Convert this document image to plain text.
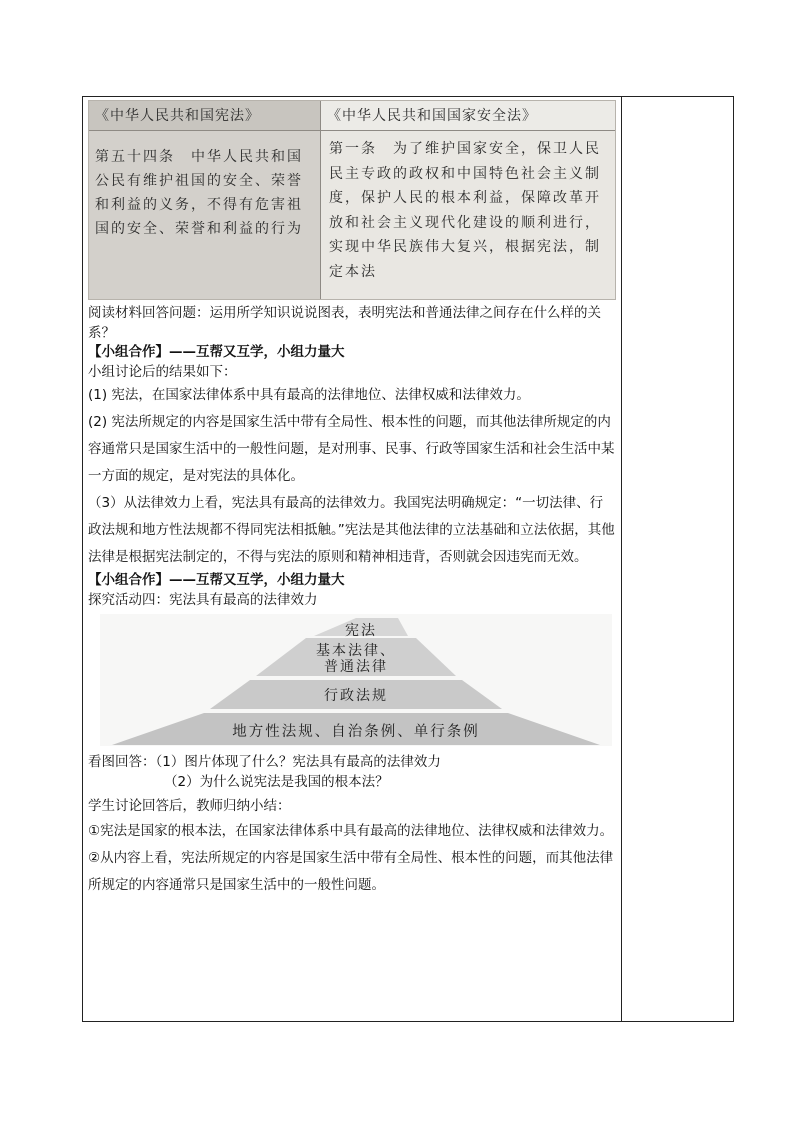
《中华人民共和国宪法》	《中华人民共和国国家安全法》
第五十四条　中华人民共和国公民有维护祖国的安全、荣誉和利益的义务，不得有危害祖国的安全、荣誉和利益的行为
第一条　为了维护国家安全，保卫人民民主专政的政权和中国特色社会主义制度，保护人民的根本利益，保障改革开放和社会主义现代化建设的顺利进行，实现中华民族伟大复兴，根据宪法，制定本法

阅读材料回答问题：运用所学知识说说图表，表明宪法和普通法律之间存在什么样的关系？

【小组合作】——互帮又互学，小组力量大

小组讨论后的结果如下：

(1) 宪法，在国家法律体系中具有最高的法律地位、法律权威和法律效力。

(2) 宪法所规定的内容是国家生活中带有全局性、根本性的问题，而其他法律所规定的内容通常只是国家生活中的一般性问题，是对刑事、民事、行政等国家生活和社会生活中某一方面的规定，是对宪法的具体化。

（3）从法律效力上看，宪法具有最高的法律效力。我国宪法明确规定：“一切法律、行政法规和地方性法规都不得同宪法相抵触。”宪法是其他法律的立法基础和立法依据，其他法律是根据宪法制定的，不得与宪法的原则和精神相违背，否则就会因违宪而无效。

【小组合作】——互帮又互学，小组力量大

探究活动四：宪法具有最高的法律效力

宪法
基本法律、
普通法律
行政法规
地方性法规、自治条例、单行条例

看图回答：（1）图片体现了什么？宪法具有最高的法律效力

（2）为什么说宪法是我国的根本法？

学生讨论回答后，教师归纳小结：

①宪法是国家的根本法，在国家法律体系中具有最高的法律地位、法律权威和法律效力。

②从内容上看，宪法所规定的内容是国家生活中带有全局性、根本性的问题，而其他法律所规定的内容通常只是国家生活中的一般性问题。
